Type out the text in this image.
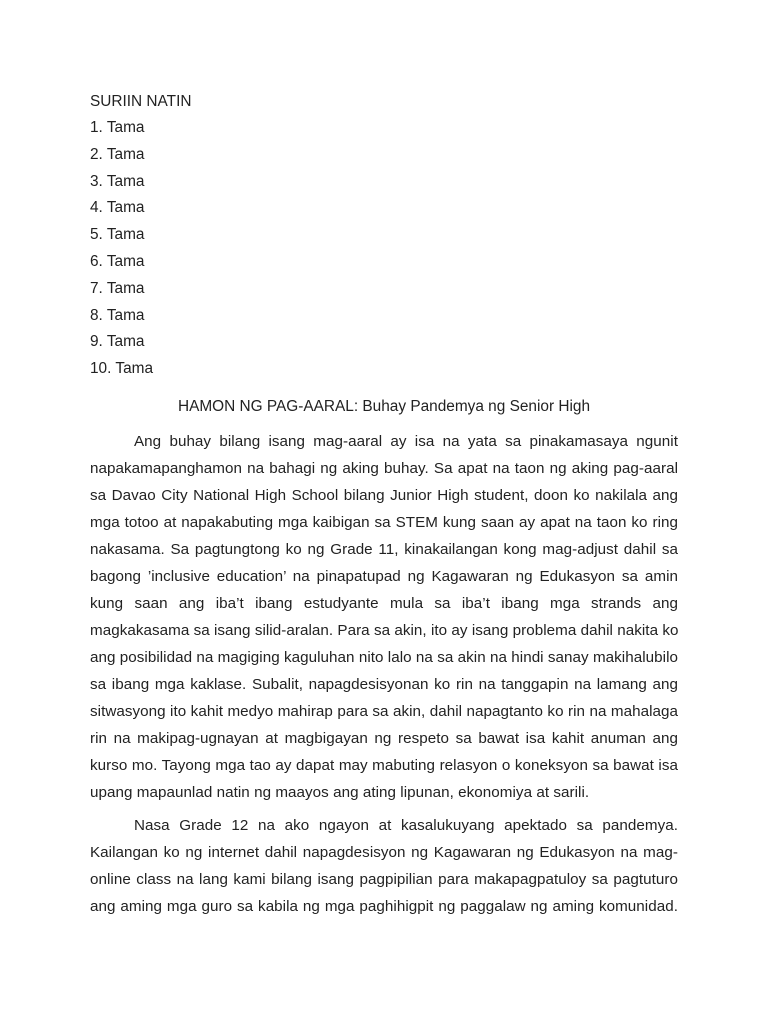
SURIIN NATIN

1. Tama
2. Tama
3. Tama
4. Tama
5. Tama
6. Tama
7. Tama
8. Tama
9. Tama
10. Tama
HAMON NG PAG-AARAL: Buhay Pandemya ng Senior High
Ang buhay bilang isang mag-aaral ay isa na yata sa pinakamasaya ngunit
napakamapanghamon na bahagi ng aking buhay. Sa apat na taon ng aking pag-aaral
sa Davao City National High School bilang Junior High student, doon ko nakilala ang
mga totoo at napakabuting mga kaibigan sa STEM kung saan ay apat na taon ko ring
nakasama. Sa pagtungtong ko ng Grade 11, kinakailangan kong mag-adjust dahil sa
bagong ’inclusive education’ na pinapatupad ng Kagawaran ng Edukasyon sa amin
kung saan ang iba’t ibang estudyante mula sa iba’t ibang mga strands ang
magkakasama sa isang silid-aralan. Para sa akin, ito ay isang problema dahil nakita ko
ang posibilidad na magiging kaguluhan nito lalo na sa akin na hindi sanay makihalubilo
sa ibang mga kaklase. Subalit, napagdesisyonan ko rin na tanggapin na lamang ang
sitwasyong ito kahit medyo mahirap para sa akin, dahil napagtanto ko rin na mahalaga
rin na makipag-ugnayan at magbigayan ng respeto sa bawat isa kahit anuman ang
kurso mo. Tayong mga tao ay dapat may mabuting relasyon o koneksyon sa bawat isa
upang mapaunlad natin ng maayos ang ating lipunan, ekonomiya at sarili.
Nasa Grade 12 na ako ngayon at kasalukuyang apektado sa pandemya.
Kailangan ko ng internet dahil napagdesisyon ng Kagawaran ng Edukasyon na mag-
online class na lang kami bilang isang pagpipilian para makapagpatuloy sa pagtuturo
ang aming mga guro sa kabila ng mga paghihigpit ng paggalaw ng aming komunidad.
